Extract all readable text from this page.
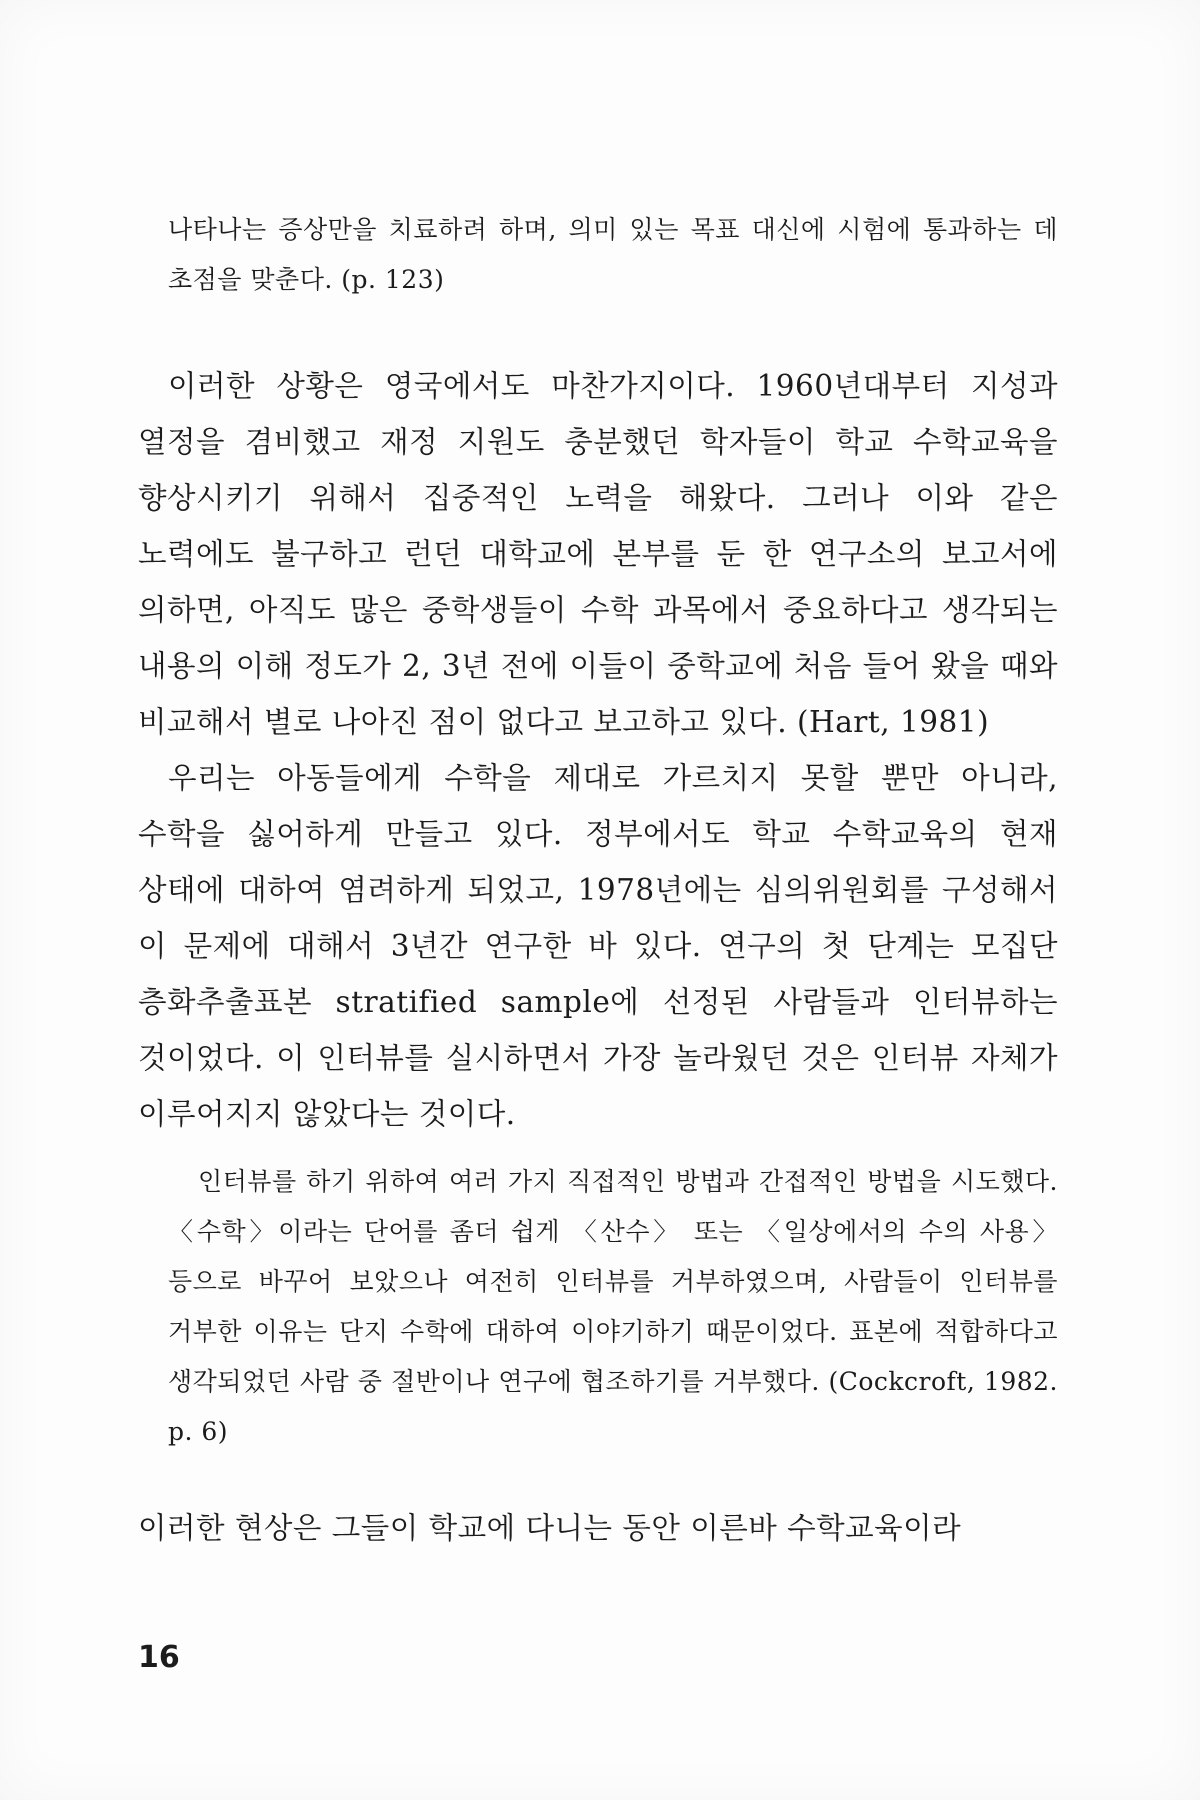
나타나는 증상만을 치료하려 하며, 의미 있는 목표 대신에 시험에 통과하는 데 초점을 맞춘다. (p. 123)

이러한 상황은 영국에서도 마찬가지이다. 1960년대부터 지성과 열정을 겸비했고 재정 지원도 충분했던 학자들이 학교 수학교육을 향상시키기 위해서 집중적인 노력을 해왔다. 그러나 이와 같은 노력에도 불구하고 런던 대학교에 본부를 둔 한 연구소의 보고서에 의하면, 아직도 많은 중학생들이 수학 과목에서 중요하다고 생각되는 내용의 이해 정도가 2, 3년 전에 이들이 중학교에 처음 들어 왔을 때와 비교해서 별로 나아진 점이 없다고 보고하고 있다. (Hart, 1981)

우리는 아동들에게 수학을 제대로 가르치지 못할 뿐만 아니라, 수학을 싫어하게 만들고 있다. 정부에서도 학교 수학교육의 현재 상태에 대하여 염려하게 되었고, 1978년에는 심의위원회를 구성해서 이 문제에 대해서 3년간 연구한 바 있다. 연구의 첫 단계는 모집단 층화추출표본 stratified sample에 선정된 사람들과 인터뷰하는 것이었다. 이 인터뷰를 실시하면서 가장 놀라웠던 것은 인터뷰 자체가 이루어지지 않았다는 것이다.

인터뷰를 하기 위하여 여러 가지 직접적인 방법과 간접적인 방법을 시도했다. 〈수학〉이라는 단어를 좀더 쉽게 〈산수〉 또는 〈일상에서의 수의 사용〉 등으로 바꾸어 보았으나 여전히 인터뷰를 거부하였으며, 사람들이 인터뷰를 거부한 이유는 단지 수학에 대하여 이야기하기 때문이었다. 표본에 적합하다고 생각되었던 사람 중 절반이나 연구에 협조하기를 거부했다. (Cockcroft, 1982. p. 6)

이러한 현상은 그들이 학교에 다니는 동안 이른바 수학교육이라

16
